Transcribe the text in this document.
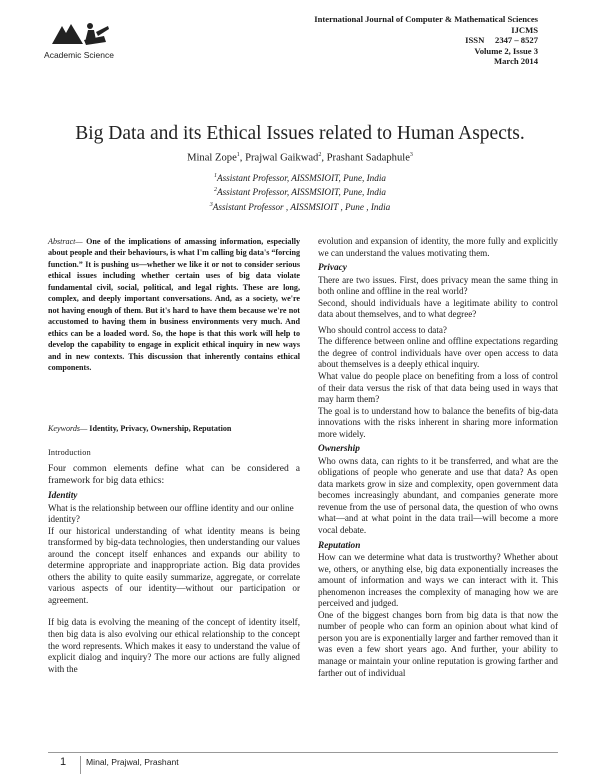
Academic Science
International Journal of Computer & Mathematical Sciences
IJCMS
ISSN     2347 – 8527
Volume 2, Issue 3
March 2014
Big Data and its Ethical Issues related to Human Aspects.
Minal Zope$^1$, Prajwal Gaikwad$^2$, Prashant Sadaphule$^3$
$^1$Assistant Professor, AISSMSIOIT, Pune, India
$^2$Assistant Professor, AISSMSIOIT, Pune, India
$^3$Assistant Professor , AISSMSIOIT , Pune , India
Abstract— One of the implications of amassing information, especially about people and their behaviours, is what I'm calling big data's “forcing function.” It is pushing us—whether we like it or not to consider serious ethical issues including whether certain uses of big data violate fundamental civil, social, political, and legal rights. These are long, complex, and deeply important conversations. And, as a society, we're not having enough of them. But it's hard to have them because we're not accustomed to having them in business environments very much. And ethics can be a loaded word. So, the hope is that this work will help to develop the capability to engage in explicit ethical inquiry in new ways and in new contexts. This discussion that inherently contains ethical components.
Keywords— Identity, Privacy, Ownership, Reputation
Introduction

Four common elements define what can be considered a framework for big data ethics:

Identity

What is the relationship between our offline identity and our online identity?

If our historical understanding of what identity means is being transformed by big-data technologies, then understanding our values around the concept itself enhances and expands our ability to determine appropriate and inappropriate action. Big data provides others the ability to quite easily summarize, aggregate, or correlate various aspects of our identity—without our participation or agreement.

If big data is evolving the meaning of the concept of identity itself, then big data is also evolving our ethical relationship to the concept the word represents. Which makes it easy to understand the value of explicit dialog and inquiry? The more our actions are fully aligned with the

evolution and expansion of identity, the more fully and explicitly we can understand the values motivating them.

Privacy

There are two issues. First, does privacy mean the same thing in both online and offline in the real world?

Second, should individuals have a legitimate ability to control data about themselves, and to what degree?

Who should control access to data?

The difference between online and offline expectations regarding the degree of control individuals have over open access to data about themselves is a deeply ethical inquiry.

What value do people place on benefiting from a loss of control of their data versus the risk of that data being used in ways that may harm them?

The goal is to understand how to balance the benefits of big-data innovations with the risks inherent in sharing more information more widely.

Ownership

Who owns data, can rights to it be transferred, and what are the obligations of people who generate and use that data? As open data markets grow in size and complexity, open government data becomes increasingly abundant, and companies generate more revenue from the use of personal data, the question of who owns what—and at what point in the data trail—will become a more vocal debate.

Reputation

How can we determine what data is trustworthy? Whether about we, others, or anything else, big data exponentially increases the amount of information and ways we can interact with it. This phenomenon increases the complexity of managing how we are perceived and judged.

One of the biggest changes born from big data is that now the number of people who can form an opinion about what kind of person you are is exponentially larger and farther removed than it was even a few short years ago. And further, your ability to manage or maintain your online reputation is growing farther and farther out of individual

1 Minal, Prajwal, Prashant
